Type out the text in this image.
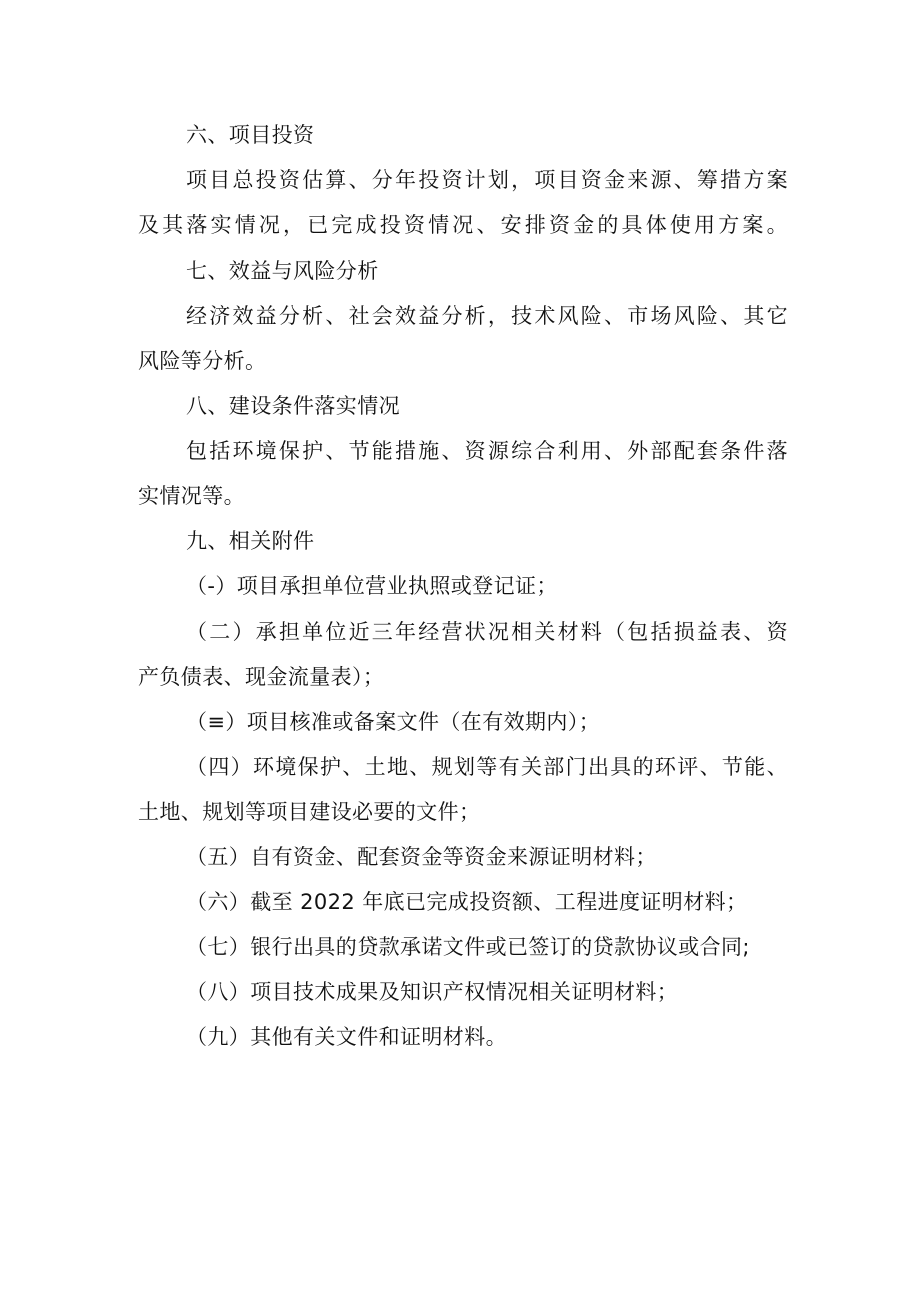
六、项目投资
项目总投资估算、分年投资计划，项目资金来源、筹措方案
及其落实情况，已完成投资情况、安排资金的具体使用方案。
七、效益与风险分析
经济效益分析、社会效益分析，技术风险、市场风险、其它
风险等分析。
八、建设条件落实情况
包括环境保护、节能措施、资源综合利用、外部配套条件落
实情况等。
九、相关附件
（-）项目承担单位营业执照或登记证；
（二）承担单位近三年经营状况相关材料（包括损益表、资
产负债表、现金流量表）；
（≡）项目核准或备案文件（在有效期内）；
（四）环境保护、土地、规划等有关部门出具的环评、节能、
土地、规划等项目建设必要的文件；
（五）自有资金、配套资金等资金来源证明材料；
（六）截至 2022 年底已完成投资额、工程进度证明材料；
（七）银行出具的贷款承诺文件或已签订的贷款协议或合同;
（八）项目技术成果及知识产权情况相关证明材料；
（九）其他有关文件和证明材料。
